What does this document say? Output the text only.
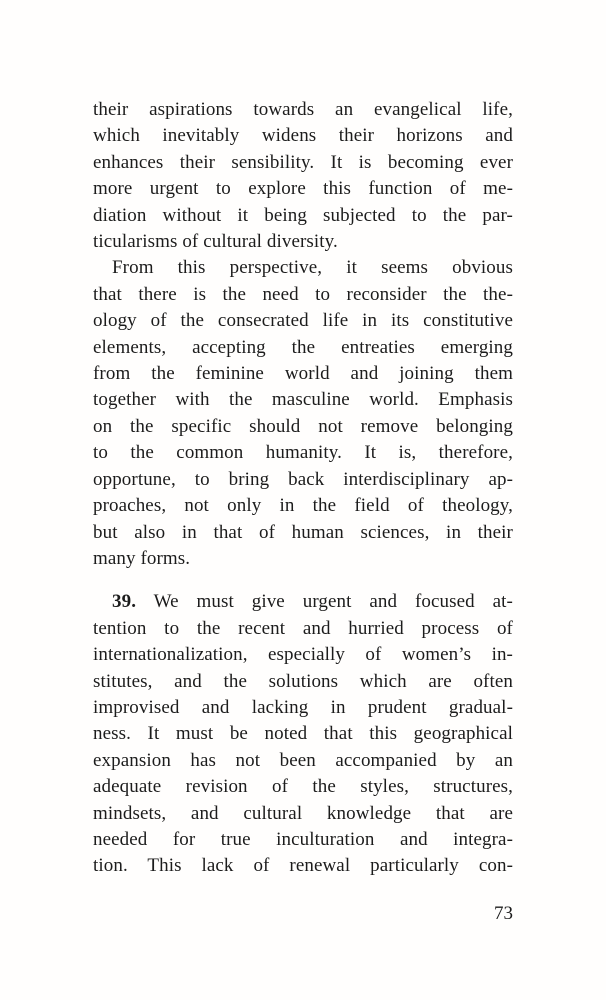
their aspirations towards an evangelical life,
which inevitably widens their horizons and
enhances their sensibility. It is becoming ever
more urgent to explore this function of me-
diation without it being subjected to the par-
ticularisms of cultural diversity.
From this perspective, it seems obvious
that there is the need to reconsider the the-
ology of the consecrated life in its constitutive
elements, accepting the entreaties emerging
from the feminine world and joining them
together with the masculine world. Emphasis
on the specific should not remove belonging
to the common humanity. It is, therefore,
opportune, to bring back interdisciplinary ap-
proaches, not only in the field of theology,
but also in that of human sciences, in their
many forms.
39. We must give urgent and focused at-
tention to the recent and hurried process of
internationalization, especially of women’s in-
stitutes, and the solutions which are often
improvised and lacking in prudent gradual-
ness. It must be noted that this geographical
expansion has not been accompanied by an
adequate revision of the styles, structures,
mindsets, and cultural knowledge that are
needed for true inculturation and integra-
tion. This lack of renewal particularly con-
73
